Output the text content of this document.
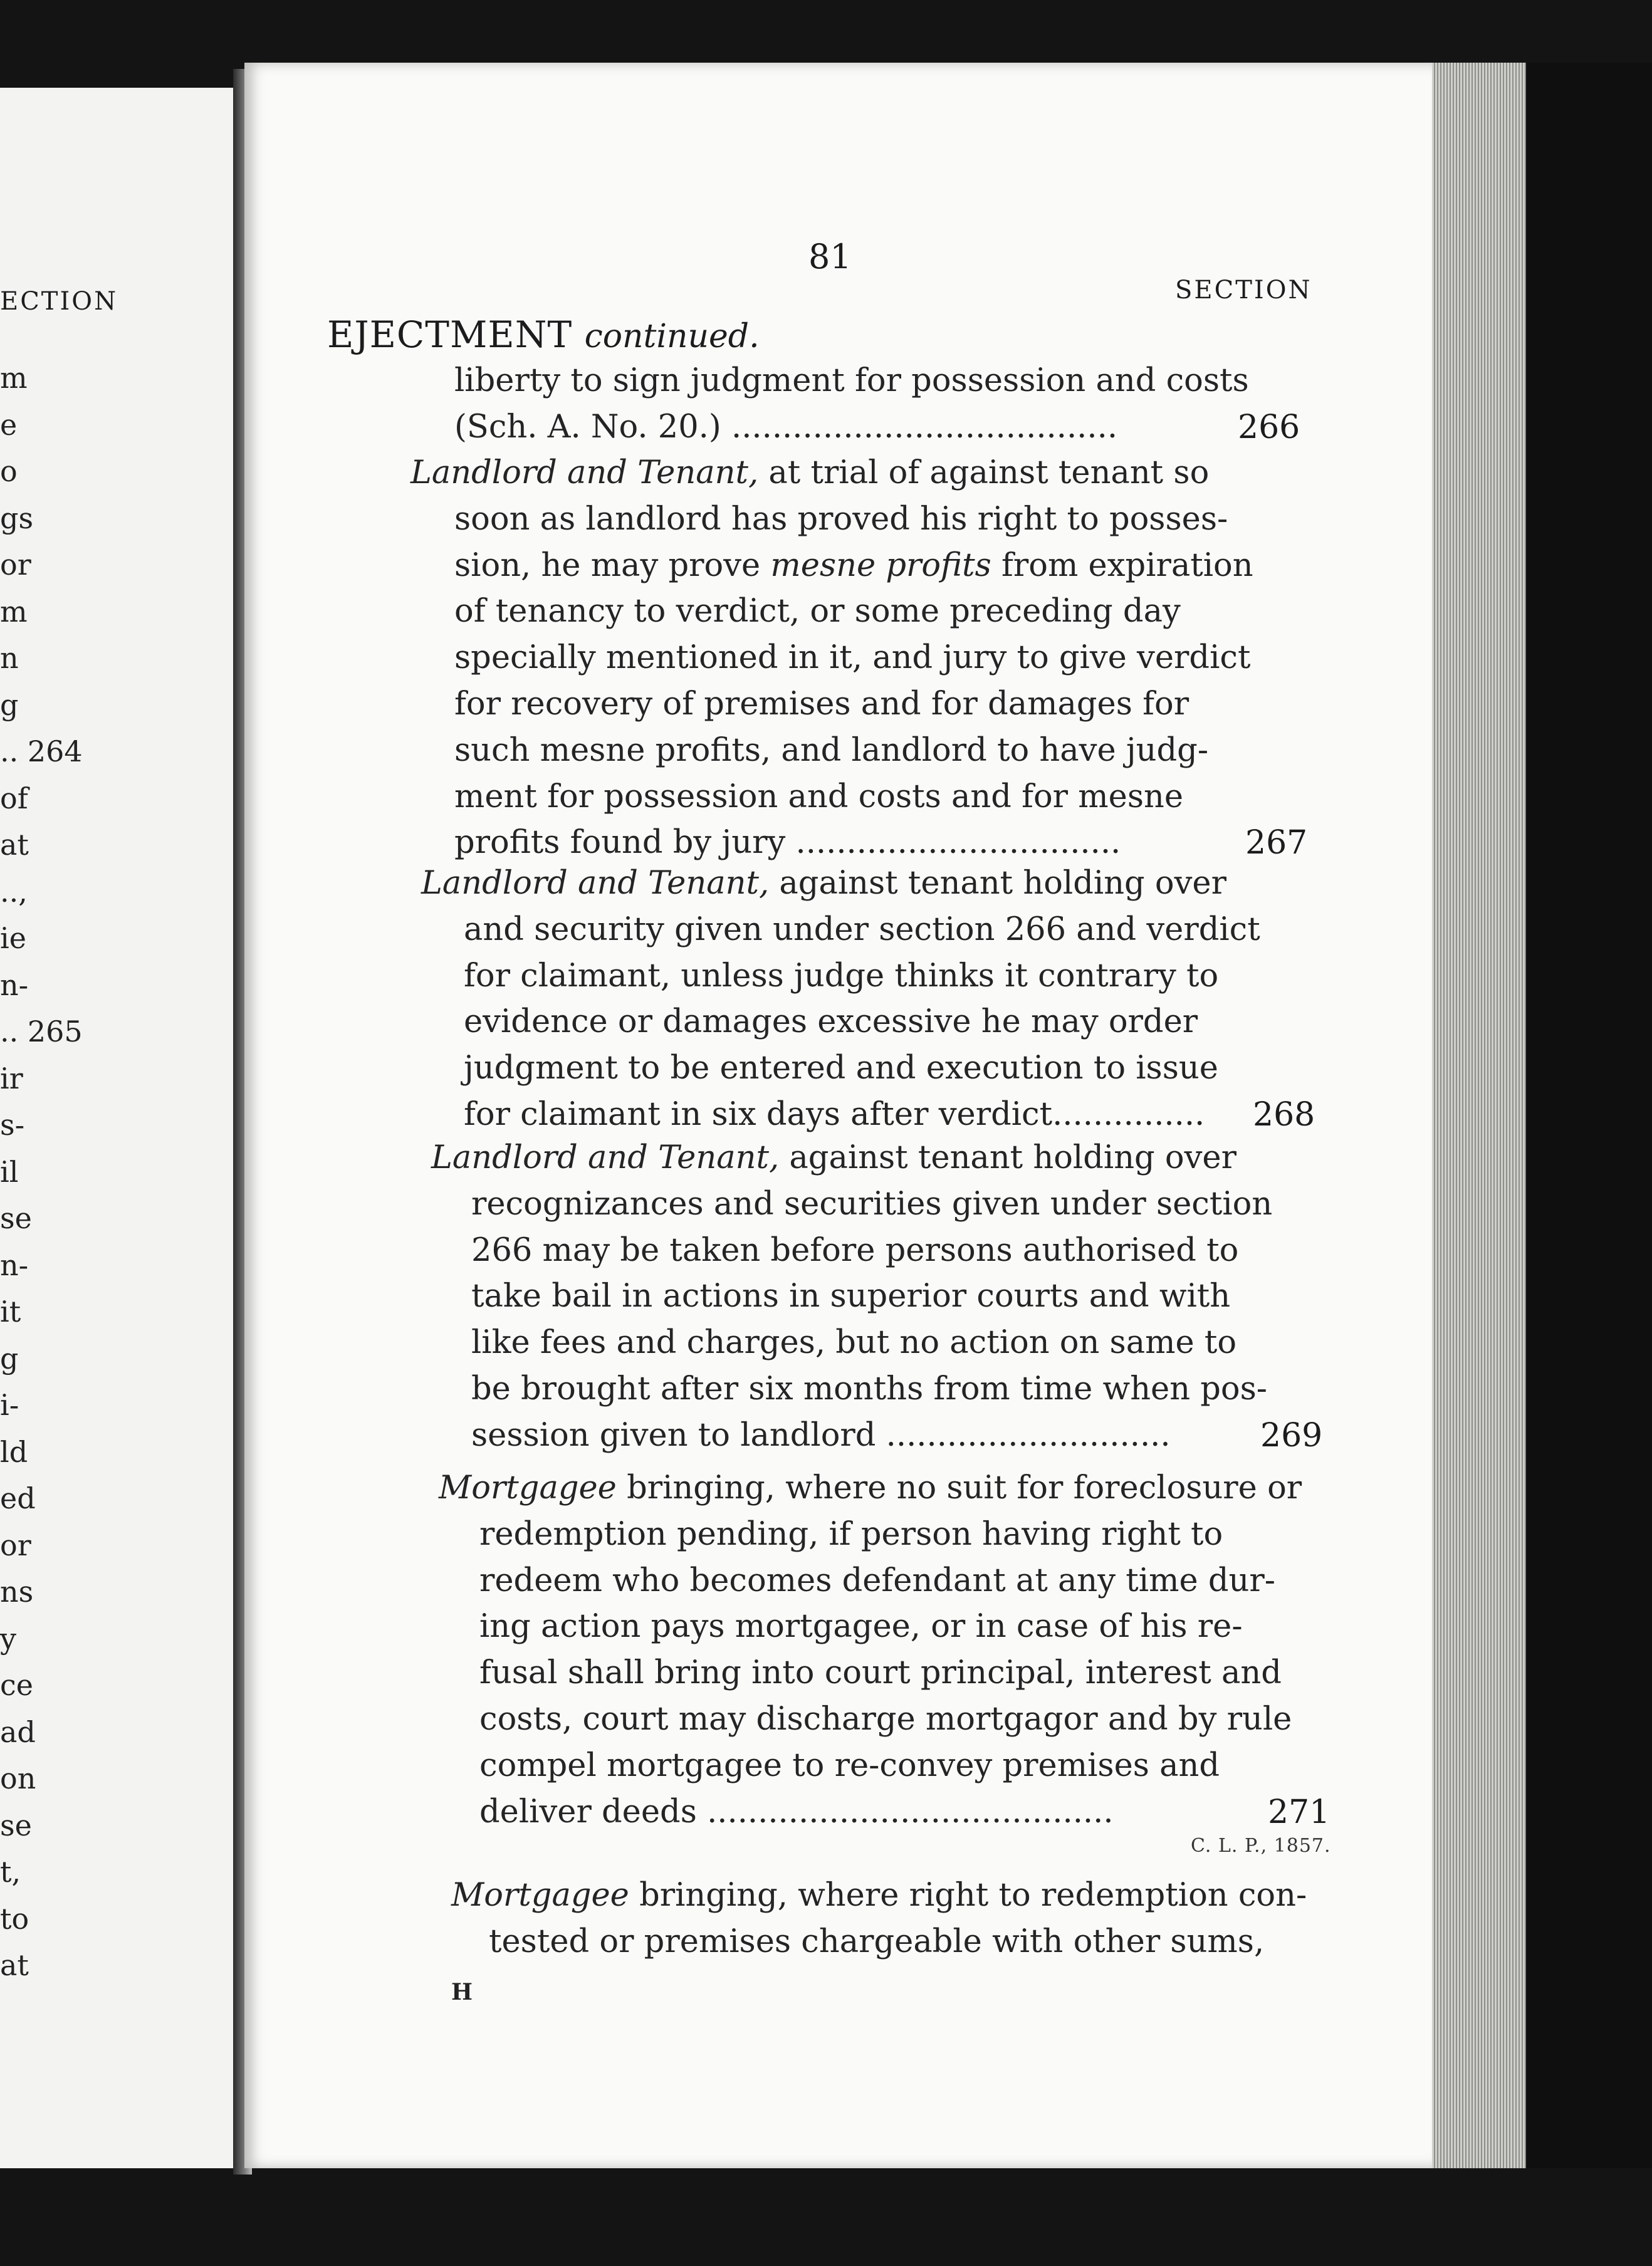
ECTION
m
e
o
gs
or
m
n
g
.. 264
of
at
..,
ie
n-
.. 265
ir
s-
il
se
n-
it
g
i-
ld
ed
or
ns
y
ce
ad
on
se
t,
to
at
81
SECTION
EJECTMENT continued.
liberty to sign judgment for possession and costs
(Sch. A. No. 20.) ......................................	266
Landlord and Tenant, at trial of against tenant so
soon as landlord has proved his right to posses-
sion, he may prove mesne profits from expiration
of tenancy to verdict, or some preceding day
specially mentioned in it, and jury to give verdict
for recovery of premises and for damages for
such mesne profits, and landlord to have judg-
ment for possession and costs and for mesne
profits found by jury ................................	267
Landlord and Tenant, against tenant holding over
and security given under section 266 and verdict
for claimant, unless judge thinks it contrary to
evidence or damages excessive he may order
judgment to be entered and execution to issue
for claimant in six days after verdict............... 268
Landlord and Tenant, against tenant holding over
recognizances and securities given under section
266 may be taken before persons authorised to
take bail in actions in superior courts and with
like fees and charges, but no action on same to
be brought after six months from time when pos-
session given to landlord ............................	269
Mortgagee bringing, where no suit for foreclosure or
redemption pending, if person having right to
redeem who becomes defendant at any time dur-
ing action pays mortgagee, or in case of his re-
fusal shall bring into court principal, interest and
costs, court may discharge mortgagor and by rule
compel mortgagee to re-convey premises and
deliver deeds ........................................	271
Mortgagee bringing, where right to redemption con-
tested or premises chargeable with other sums,
C. L. P., 1857.
H
